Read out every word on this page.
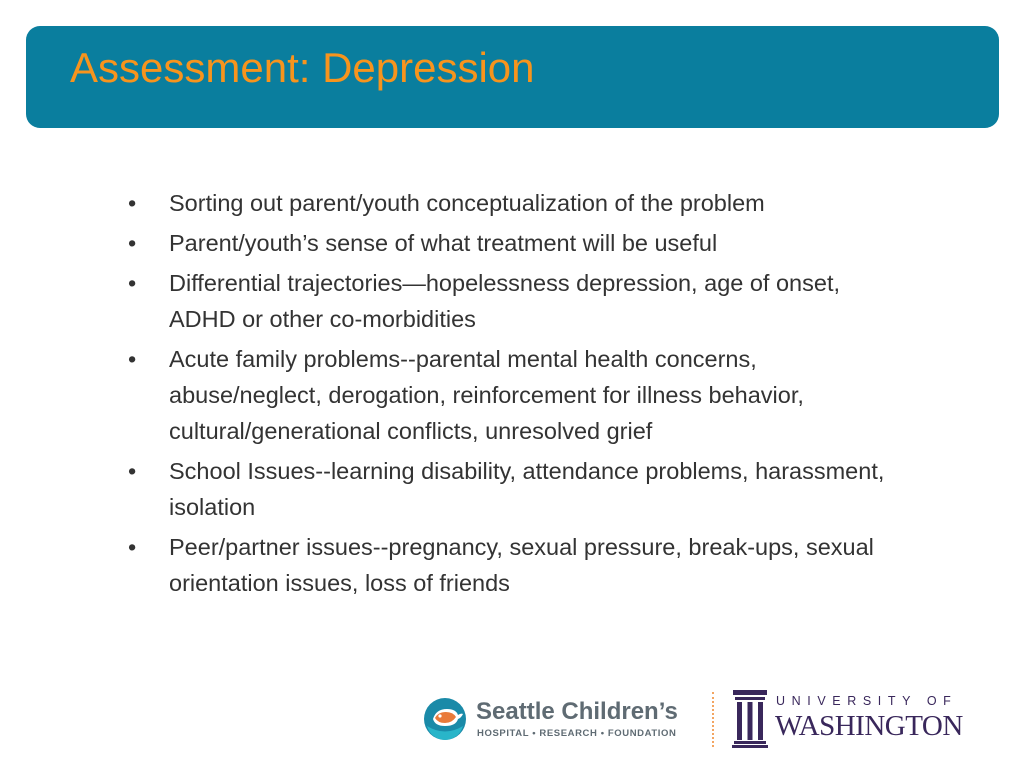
Assessment: Depression
• Sorting out parent/youth conceptualization of the problem
• Parent/youth’s sense of what treatment will be useful
• Differential trajectories—hopelessness depression, age of onset, ADHD or other co-morbidities
• Acute family problems--parental mental health concerns, abuse/neglect, derogation, reinforcement for illness behavior, cultural/generational conflicts, unresolved grief
• School Issues--learning disability, attendance problems, harassment, isolation
• Peer/partner issues--pregnancy, sexual pressure, break-ups, sexual orientation issues, loss of friends

Seattle Children’s

HOSPITAL • RESEARCH • FOUNDATION

UNIVERSITY OF

WASHINGTON
